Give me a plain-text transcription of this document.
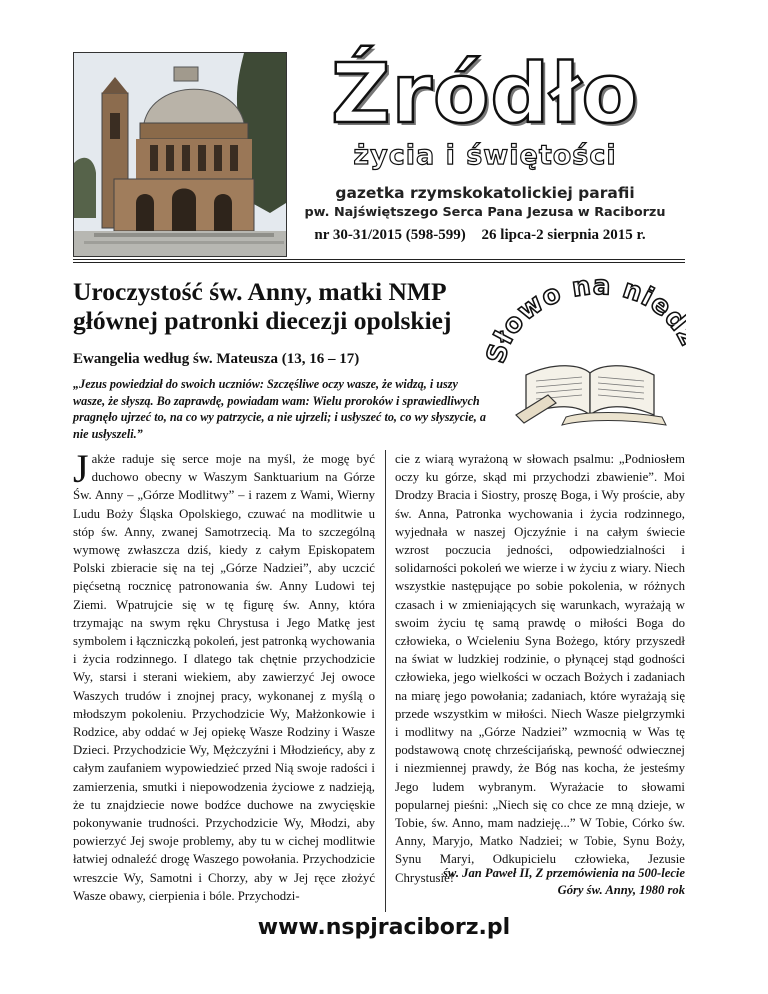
Źródło
życia i świętości
gazetka rzymskokatolickiej parafii
pw. Najświętszego Serca Pana Jezusa w Raciborzu
nr 30-31/2015 (598-599) 26 lipca-2 sierpnia 2015 r.
Uroczystość św. Anny, matki NMP
głównej patronki diecezji opolskiej
łowo na nie
Ewangelia według św. Mateusza (13, 16 – 17)
„Jezus powiedział do swoich uczniów: Szczęśliwe oczy wasze, że widzą, i uszy wasze, że słyszą. Bo zaprawdę, powiadam wam: Wielu proroków i sprawiedliwych pragnęło ujrzeć to, na co wy patrzycie, a nie ujrzeli; i usłyszeć to, co wy słyszycie, a nie usłyszeli.”

Jakże raduje się serce moje na myśl, że mogę być duchowo obecny w Waszym Sanktuarium na Górze Św. Anny – „Górze Modlitwy” – i razem z Wami, Wierny Ludu Boży Śląska Opolskiego, czuwać na modlitwie u stóp św. Anny, zwanej Samotrzecią. Ma to szczególną wymowę zwłaszcza dziś, kiedy z całym Episkopatem Polski zbieracie się na tej „Górze Nadziei”, aby uczcić pięćsetną rocznicę patronowania św. Anny Ludowi tej Ziemi. Wpatrujcie się w tę figurę św. Anny, która trzymając na swym ręku Chrystusa i Jego Matkę jest symbolem i łączniczką pokoleń, jest patronką wychowania i życia rodzinnego. I dlatego tak chętnie przychodzicie Wy, starsi i sterani wiekiem, aby zawierzyć Jej owoce Waszych trudów i znojnej pracy, wykonanej z myślą o młodszym pokoleniu. Przychodzicie Wy, Małżonkowie i Rodzice, aby oddać w Jej opiekę Wasze Rodziny i Wasze Dzieci. Przychodzicie Wy, Mężczyźni i Młodzieńcy, aby z całym zaufaniem wypowiedzieć przed Nią swoje radości i zamierzenia, smutki i niepowodzenia życiowe z nadzieją, że tu znajdziecie nowe bodźce duchowe na zwycięskie pokonywanie trudności. Przychodzicie Wy, Młodzi, aby powierzyć Jej swoje problemy, aby tu w cichej modlitwie łatwiej odnaleźć drogę Waszego powołania. Przychodzicie wreszcie Wy, Samotni i Chorzy, aby w Jej ręce złożyć Wasze obawy, cierpienia i bóle. Przychodzi-

cie z wiarą wyrażoną w słowach psalmu: „Podniosłem oczy ku górze, skąd mi przychodzi zbawienie”. Moi Drodzy Bracia i Siostry, proszę Boga, i Wy proście, aby św. Anna, Patronka wychowania i życia rodzinnego, wyjednała w naszej Ojczyźnie i na całym świecie wzrost poczucia jedności, odpowiedzialności i solidarności pokoleń we wierze i w życiu z wiary. Niech wszystkie następujące po sobie pokolenia, w różnych czasach i w zmieniających się warunkach, wyrażają w swoim życiu tę samą prawdę o miłości Boga do człowieka, o Wcieleniu Syna Bożego, który przyszedł na świat w ludzkiej rodzinie, o płynącej stąd godności człowieka, jego wielkości w oczach Bożych i zadaniach na miarę jego powołania; zadaniach, które wyrażają się przede wszystkim w miłości. Niech Wasze pielgrzymki i modlitwy na „Górze Nadziei” wzmocnią w Was tę podstawową cnotę chrześcijańską, pewność odwiecznej i niezmiennej prawdy, że Bóg nas kocha, że jesteśmy Jego ludem wybranym. Wyrażacie to słowami popularnej pieśni: „Niech się co chce ze mną dzieje, w Tobie, św. Anno, mam nadzieję...” W Tobie, Córko św. Anny, Maryjo, Matko Nadziei; w Tobie, Synu Boży, Synu Maryi, Odkupicielu człowieka, Jezusie Chrystusie!

św. Jan Paweł II, Z przemówienia na 500-lecie
Góry św. Anny, 1980 rok
www.nspjraciborz.pl
